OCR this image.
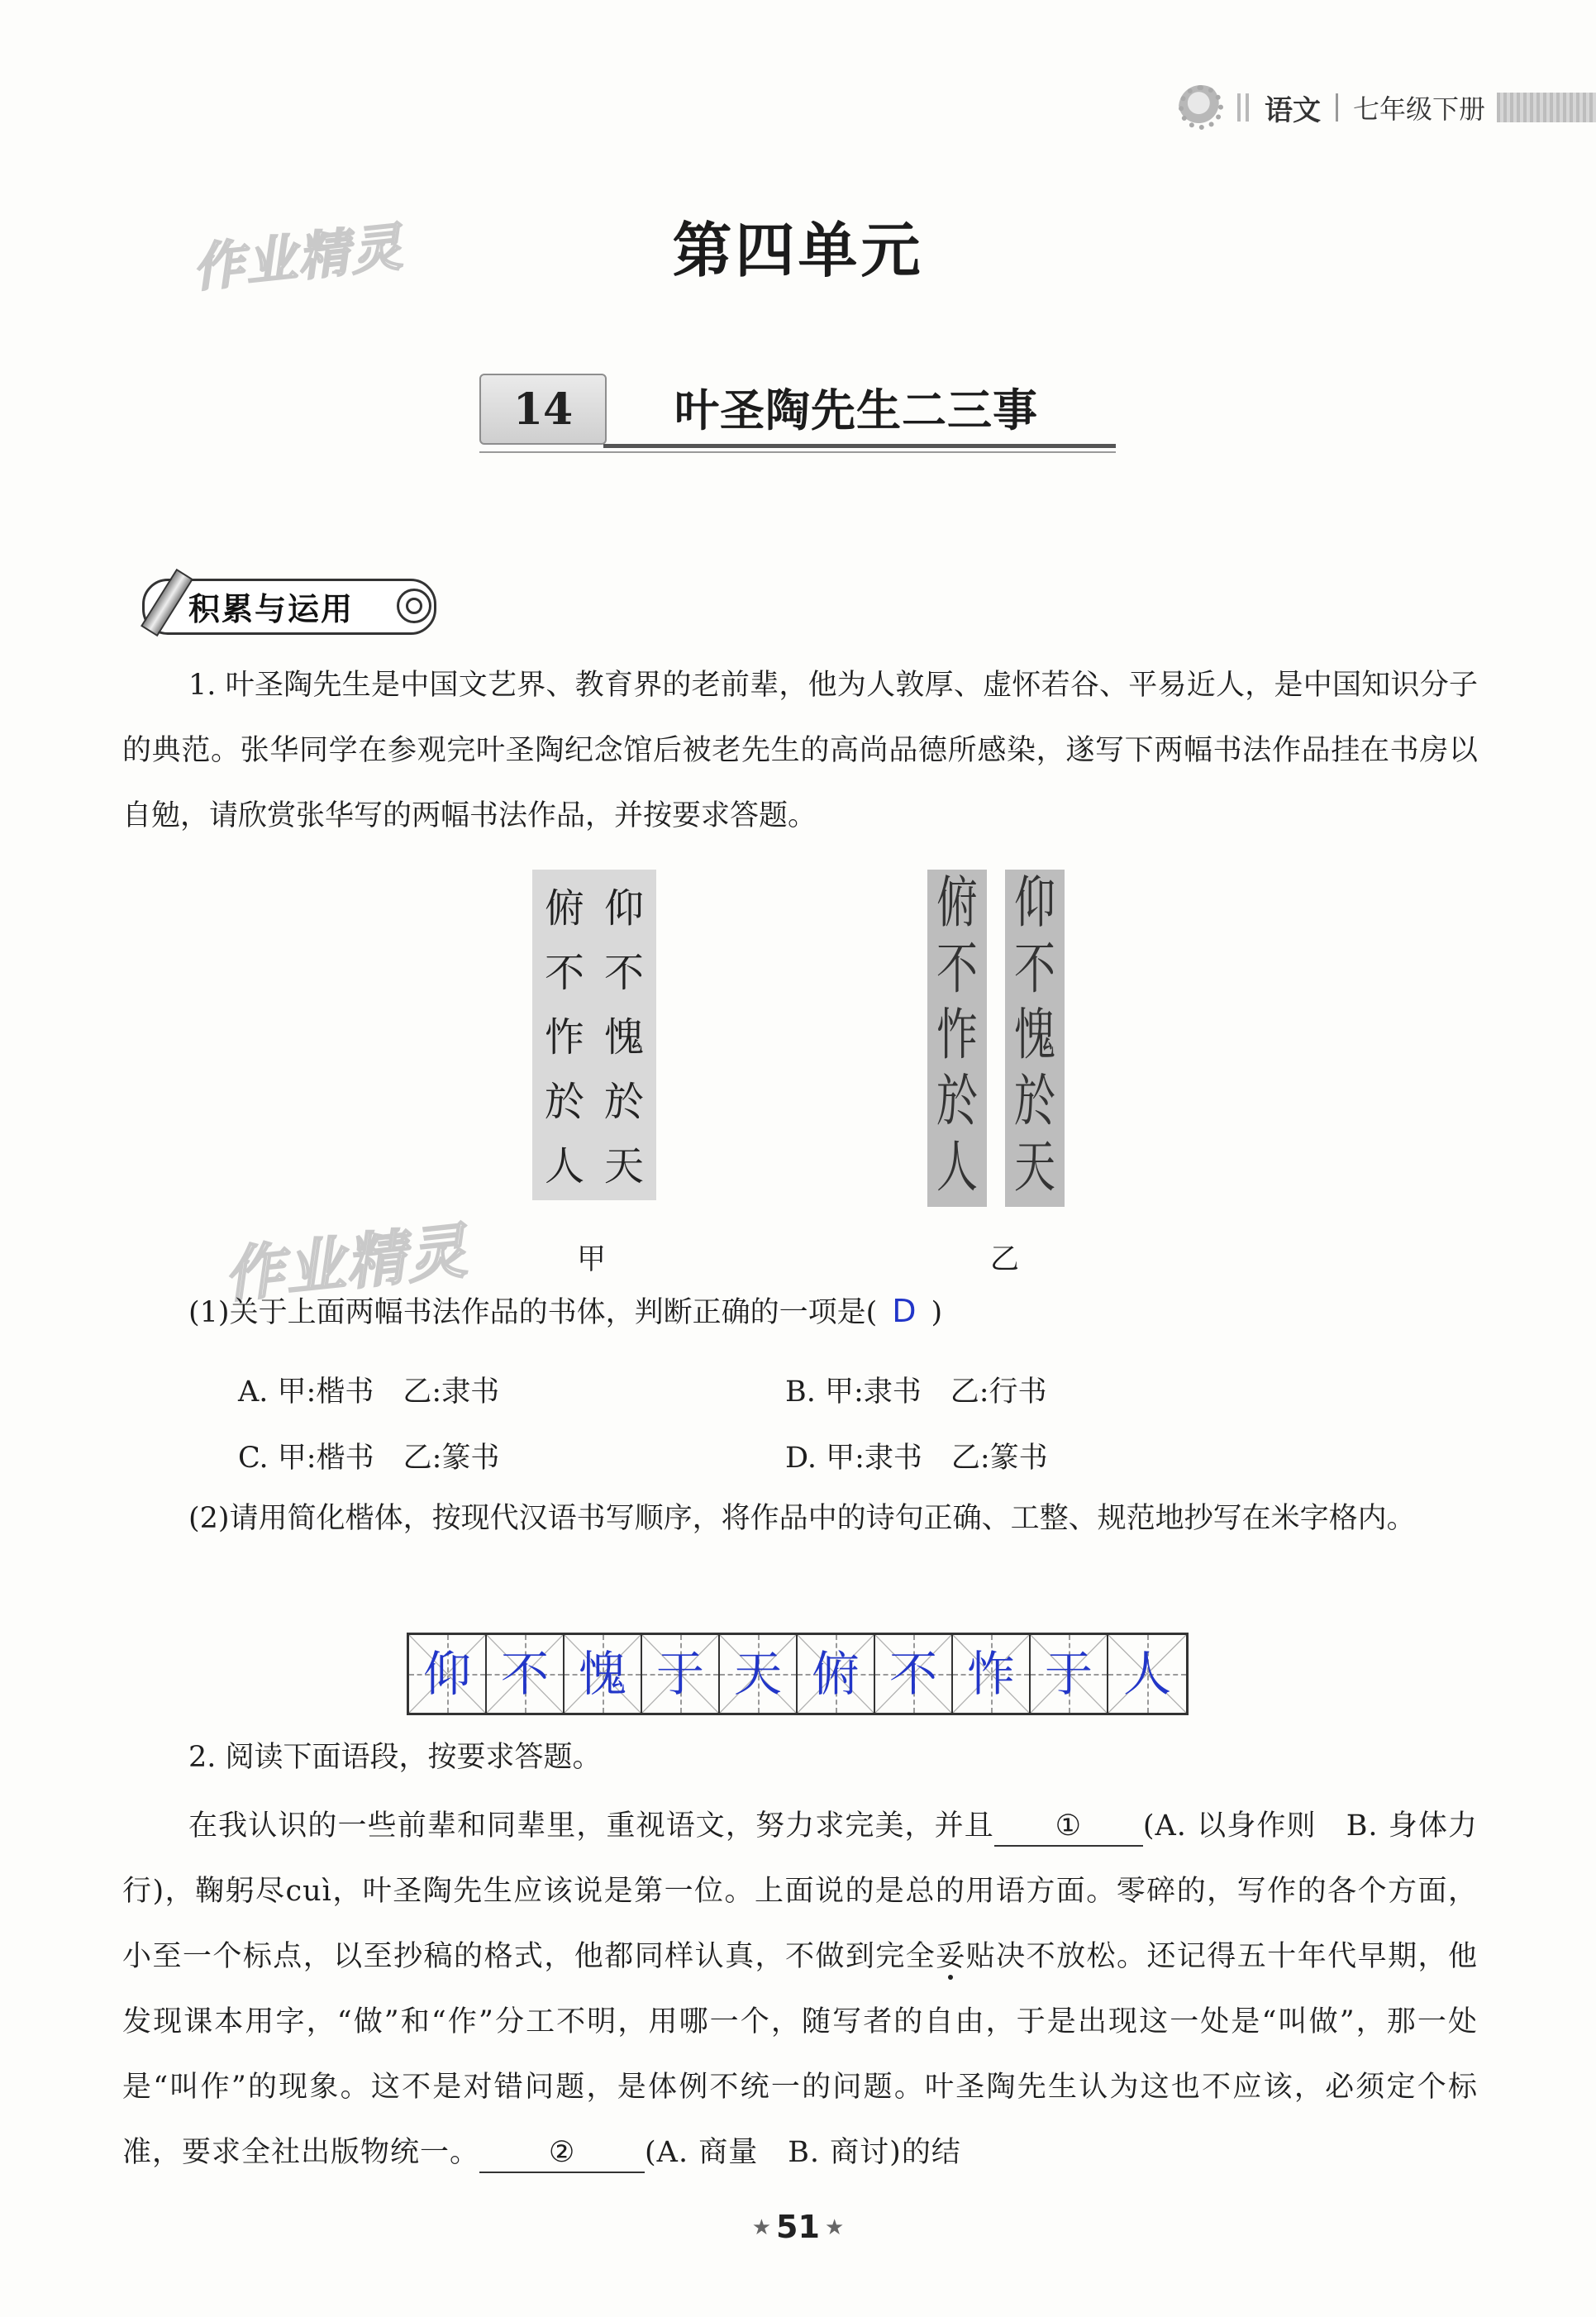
语文 七年级下册
作业精灵
作业精灵
第四单元
14	叶圣陶先生二三事
积累与运用
1. 叶圣陶先生是中国文艺界、教育界的老前辈，他为人敦厚、虚怀若谷、平易近人，是中国知识分子的典范。张华同学在参观完叶圣陶纪念馆后被老先生的高尚品德所感染，遂写下两幅书法作品挂在书房以自勉，请欣赏张华写的两幅书法作品，并按要求答题。
仰
不
愧
於
天
俯
不
怍
於
人
仰
不
愧
於
天
俯
不
怍
於
人
甲	乙
(1)关于上面两幅书法作品的书体，判断正确的一项是( D )
A. 甲:楷书　乙:隶书	B. 甲:隶书　乙:行书
C. 甲:楷书　乙:篆书	D. 甲:隶书　乙:篆书
(2)请用简化楷体，按现代汉语书写顺序，将作品中的诗句正确、工整、规范地抄写在米字格内。
仰 不 愧 于 天 俯 不 怍 于 人
2. 阅读下面语段，按要求答题。
在我认识的一些前辈和同辈里，重视语文，努力求完美，并且 ① (A. 以身作则　B. 身体力行)，鞠躬尽cuì，叶圣陶先生应该说是第一位。上面说的是总的用语方面。零碎的，写作的各个方面，小至一个标点，以至抄稿的格式，他都同样认真，不做到完全妥贴决不放松。还记得五十年代早期，他发现课本用字，“做”和“作”分工不明，用哪一个，随写者的自由，于是出现这一处是“叫做”，那一处是“叫作”的现象。这不是对错问题，是体例不统一的问题。叶圣陶先生认为这也不应该，必须定个标准，要求全社出版物统一。 ② (A. 商量　B. 商讨)的结
★ 51 ★
